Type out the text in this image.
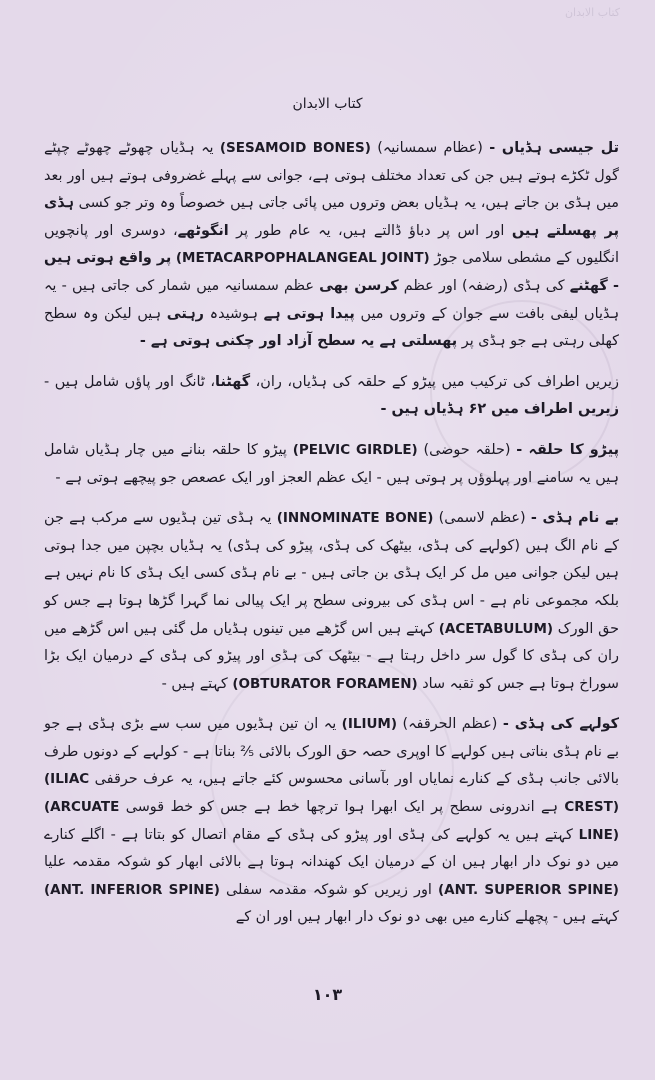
کتاب الابدان
کتاب الابدان

تل جیسی ہڈیاں - (عظام سمسانیہ) (SESAMOID BONES) یہ ہڈیاں چھوٹے چھوٹے چپٹے گول ٹکڑے ہوتے ہیں جن کی تعداد مختلف ہوتی ہے، جوانی سے پہلے غضروفی ہوتے ہیں اور بعد میں ہڈی بن جاتے ہیں، یہ ہڈیاں بعض وتروں میں پائی جاتی ہیں خصوصاً وہ وتر جو کسی ہڈی پر پھسلتے ہیں اور اس پر دباؤ ڈالتے ہیں، یہ عام طور پر انگوٹھے، دوسری اور پانچویں انگلیوں کے مشطی سلامی جوڑ (METACARPOPHALANGEAL JOINT) پر واقع ہوتی ہیں - گھٹنے کی ہڈی (رضفہ) اور عظم کرسن بھی عظم سمسانیہ میں شمار کی جاتی ہیں - یہ ہڈیاں لیفی بافت سے جوان کے وتروں میں پیدا ہوتی ہے ہوشیدہ رہتی ہیں لیکن وہ سطح کھلی رہتی ہے جو ہڈی پر پھسلتی ہے یہ سطح آزاد اور چکنی ہوتی ہے -

زیریں اطراف کی ترکیب میں پیڑو کے حلقہ کی ہڈیاں، ران، گھٹنا، ٹانگ اور پاؤں شامل ہیں - زیریں اطراف میں ۶۲ ہڈیاں ہیں -

پیڑو کا حلقہ - (حلقہ حوضی) (PELVIC GIRDLE) پیڑو کا حلقہ بنانے میں چار ہڈیاں شامل ہیں یہ سامنے اور پہلوؤں پر ہوتی ہیں - ایک عظم العجز اور ایک عصعص جو پیچھے ہوتی ہے -

بے نام ہڈی - (عظم لاسمی) (INNOMINATE BONE) یہ ہڈی تین ہڈیوں سے مرکب ہے جن کے نام الگ ہیں (کولہے کی ہڈی، بیٹھک کی ہڈی، پیڑو کی ہڈی) یہ ہڈیاں بچپن میں جدا ہوتی ہیں لیکن جوانی میں مل کر ایک ہڈی بن جاتی ہیں - بے نام ہڈی کسی ایک ہڈی کا نام نہیں ہے بلکہ مجموعی نام ہے - اس ہڈی کی بیرونی سطح پر ایک پیالی نما گہرا گڑھا ہوتا ہے جس کو حق الورک (ACETABULUM) کہتے ہیں اس گڑھے میں تینوں ہڈیاں مل گئی ہیں اس گڑھے میں ران کی ہڈی کا گول سر داخل رہتا ہے - بیٹھک کی ہڈی اور پیڑو کی ہڈی کے درمیان ایک بڑا سوراخ ہوتا ہے جس کو ثقبہ ساد (OBTURATOR FORAMEN) کہتے ہیں -

کولہے کی ہڈی - (عظم الحرقفہ) (ILIUM) یہ ان تین ہڈیوں میں سب سے بڑی ہڈی ہے جو بے نام ہڈی بناتی ہیں کولہے کا اوپری حصہ حق الورک بالائی ⅖ بناتا ہے - کولہے کے دونوں طرف بالائی جانب ہڈی کے کنارے نمایاں اور بآسانی محسوس کئے جاتے ہیں، یہ عرف حرقفی (ILIAC CREST) ہے اندرونی سطح پر ایک ابھرا ہوا ترچھا خط ہے جس کو خط قوسی (ARCUATE LINE) کہتے ہیں یہ کولہے کی ہڈی اور پیڑو کی ہڈی کے مقام اتصال کو بتاتا ہے - اگلے کنارے میں دو نوک دار ابھار ہیں ان کے درمیان ایک کھندانہ ہوتا ہے بالائی ابھار کو شوکہ مقدمہ علیا (ANT. SUPERIOR SPINE) اور زیریں کو شوکہ مقدمہ سفلی (ANT. INFERIOR SPINE) کہتے ہیں - پچھلے کنارے میں بھی دو نوک دار ابھار ہیں اور ان کے

۱۰۳
